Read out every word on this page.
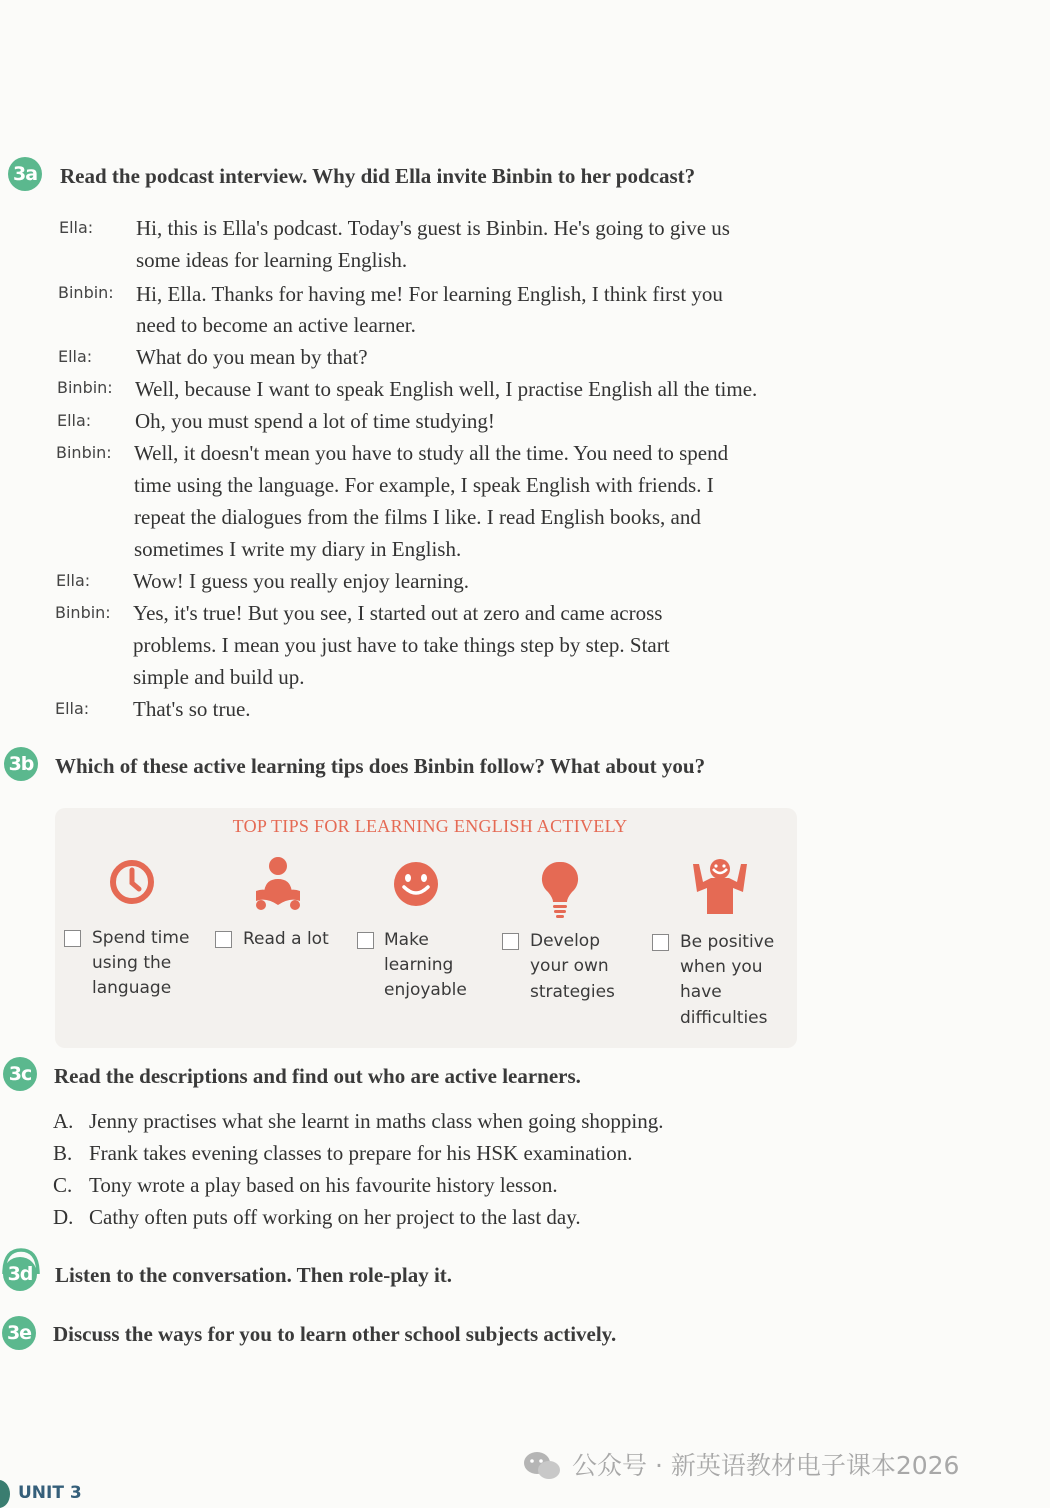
3a Read the podcast interview. Why did Ella invite Binbin to her podcast?
Ella:	Hi, this is Ella's podcast. Today's guest is Binbin. He's going to give us
some ideas for learning English.
Binbin:	Hi, Ella. Thanks for having me! For learning English, I think first you
need to become an active learner.
Ella:	What do you mean by that?
Binbin:	Well, because I want to speak English well, I practise English all the time.
Ella:	Oh, you must spend a lot of time studying!
Binbin:	Well, it doesn't mean you have to study all the time. You need to spend
time using the language. For example, I speak English with friends. I
repeat the dialogues from the films I like. I read English books, and
sometimes I write my diary in English.
Ella:	Wow! I guess you really enjoy learning.
Binbin:	Yes, it's true! But you see, I started out at zero and came across
problems. I mean you just have to take things step by step. Start
simple and build up.
Ella:	That's so true.
3b Which of these active learning tips does Binbin follow? What about you?
TOP TIPS FOR LEARNING ENGLISH ACTIVELY
Spend time
using the
language
Read a lot	Make
learning
enjoyable
Develop
your own
strategies
Be positive
when you
have
difficulties
3c Read the descriptions and find out who are active learners.
A. Jenny practises what she learnt in maths class when going shopping.
B. Frank takes evening classes to prepare for his HSK examination.
C. Tony wrote a play based on his favourite history lesson.
D. Cathy often puts off working on her project to the last day.
3d Listen to the conversation. Then role-play it.
3e Discuss the ways for you to learn other school subjects actively.
公众号 · 新英语教材电子课本2026
UNIT 3
